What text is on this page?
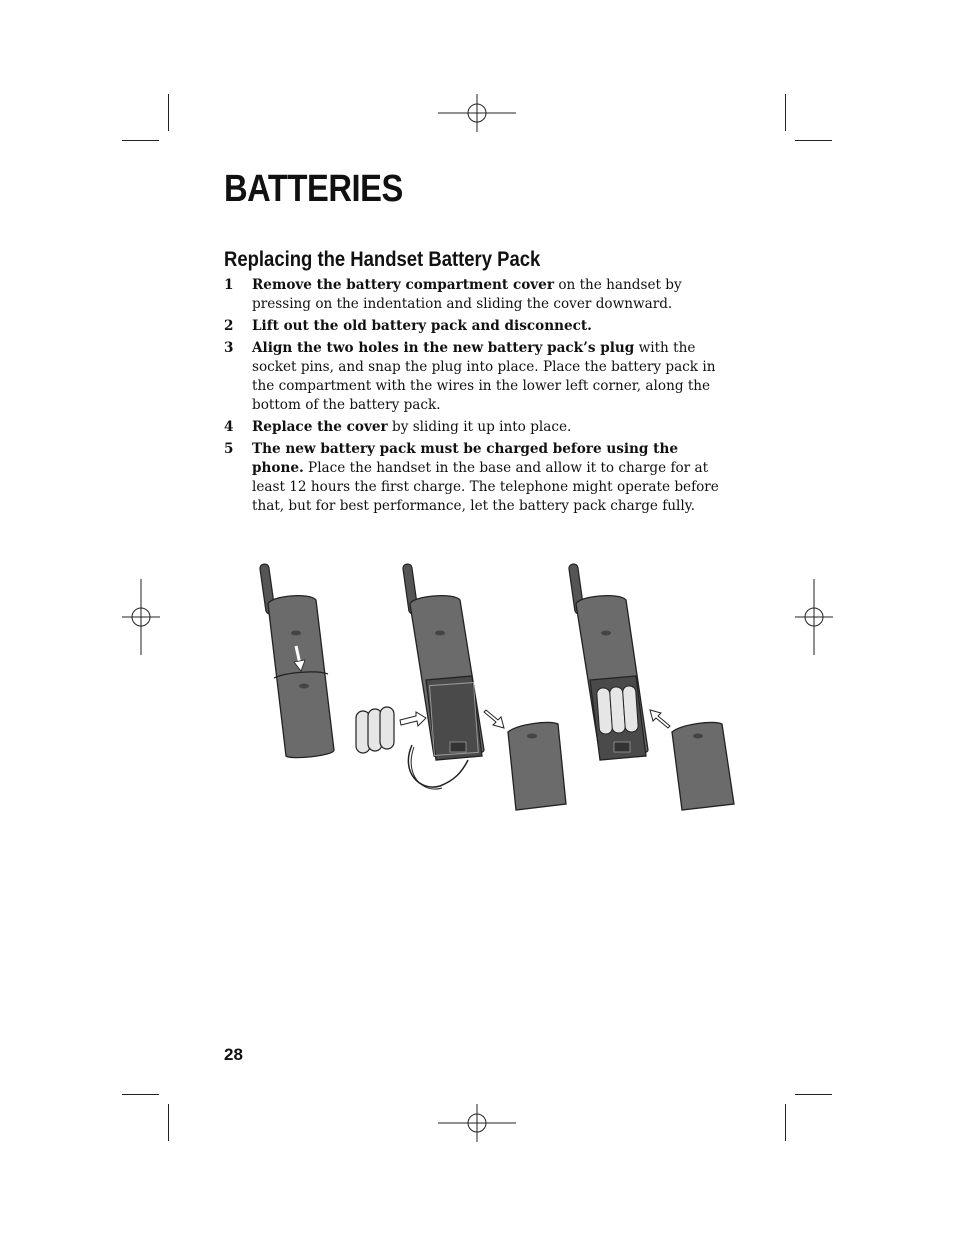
BATTERIES
Replacing the Handset Battery Pack
1 Remove the battery compartment cover on the handset by pressing on the indentation and sliding the cover downward.
2 Lift out the old battery pack and disconnect.
3 Align the two holes in the new battery pack’s plug with the socket pins, and snap the plug into place. Place the battery pack in the compartment with the wires in the lower left corner, along the bottom of the battery pack.
4 Replace the cover by sliding it up into place.
5 The new battery pack must be charged before using the phone. Place the handset in the base and allow it to charge for at least 12 hours the first charge. The telephone might operate before that, but for best performance, let the battery pack charge fully.
28
